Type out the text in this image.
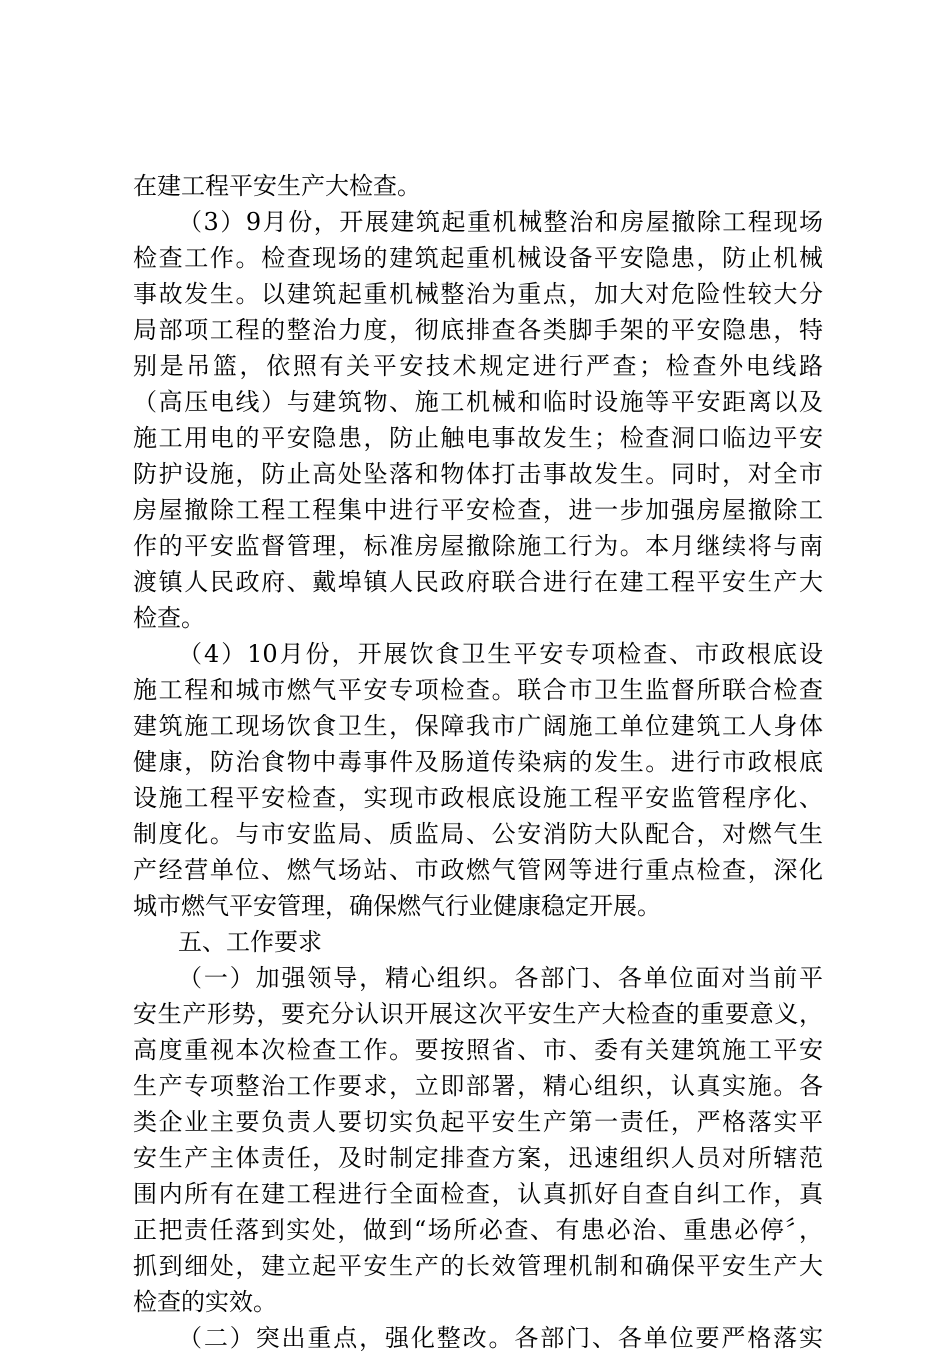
在建工程平安生产大检查。
（3）9月份，开展建筑起重机械整治和房屋撤除工程现场
检查工作。检查现场的建筑起重机械设备平安隐患，防止机械
事故发生。以建筑起重机械整治为重点，加大对危险性较大分
局部项工程的整治力度，彻底排查各类脚手架的平安隐患，特
别是吊篮，依照有关平安技术规定进行严查；检查外电线路
（高压电线）与建筑物、施工机械和临时设施等平安距离以及
施工用电的平安隐患，防止触电事故发生；检查洞口临边平安
防护设施，防止高处坠落和物体打击事故发生。同时，对全市
房屋撤除工程工程集中进行平安检查，进一步加强房屋撤除工
作的平安监督管理，标准房屋撤除施工行为。本月继续将与南
渡镇人民政府、戴埠镇人民政府联合进行在建工程平安生产大
检查。
（4）10月份，开展饮食卫生平安专项检查、市政根底设
施工程和城市燃气平安专项检查。联合市卫生监督所联合检查
建筑施工现场饮食卫生，保障我市广阔施工单位建筑工人身体
健康，防治食物中毒事件及肠道传染病的发生。进行市政根底
设施工程平安检查，实现市政根底设施工程平安监管程序化、
制度化。与市安监局、质监局、公安消防大队配合，对燃气生
产经营单位、燃气场站、市政燃气管网等进行重点检查，深化
城市燃气平安管理，确保燃气行业健康稳定开展。
五、工作要求
（一）加强领导，精心组织。各部门、各单位面对当前平
安生产形势，要充分认识开展这次平安生产大检查的重要意义，
高度重视本次检查工作。要按照省、市、委有关建筑施工平安
生产专项整治工作要求，立即部署，精心组织，认真实施。各
类企业主要负责人要切实负起平安生产第一责任，严格落实平
安生产主体责任，及时制定排查方案，迅速组织人员对所辖范
围内所有在建工程进行全面检查，认真抓好自查自纠工作，真
正把责任落到实处，做到“场所必查、有患必治、重患必停〞，
抓到细处，建立起平安生产的长效管理机制和确保平安生产大
检查的实效。
（二）突出重点，强化整改。各部门、各单位要严格落实
